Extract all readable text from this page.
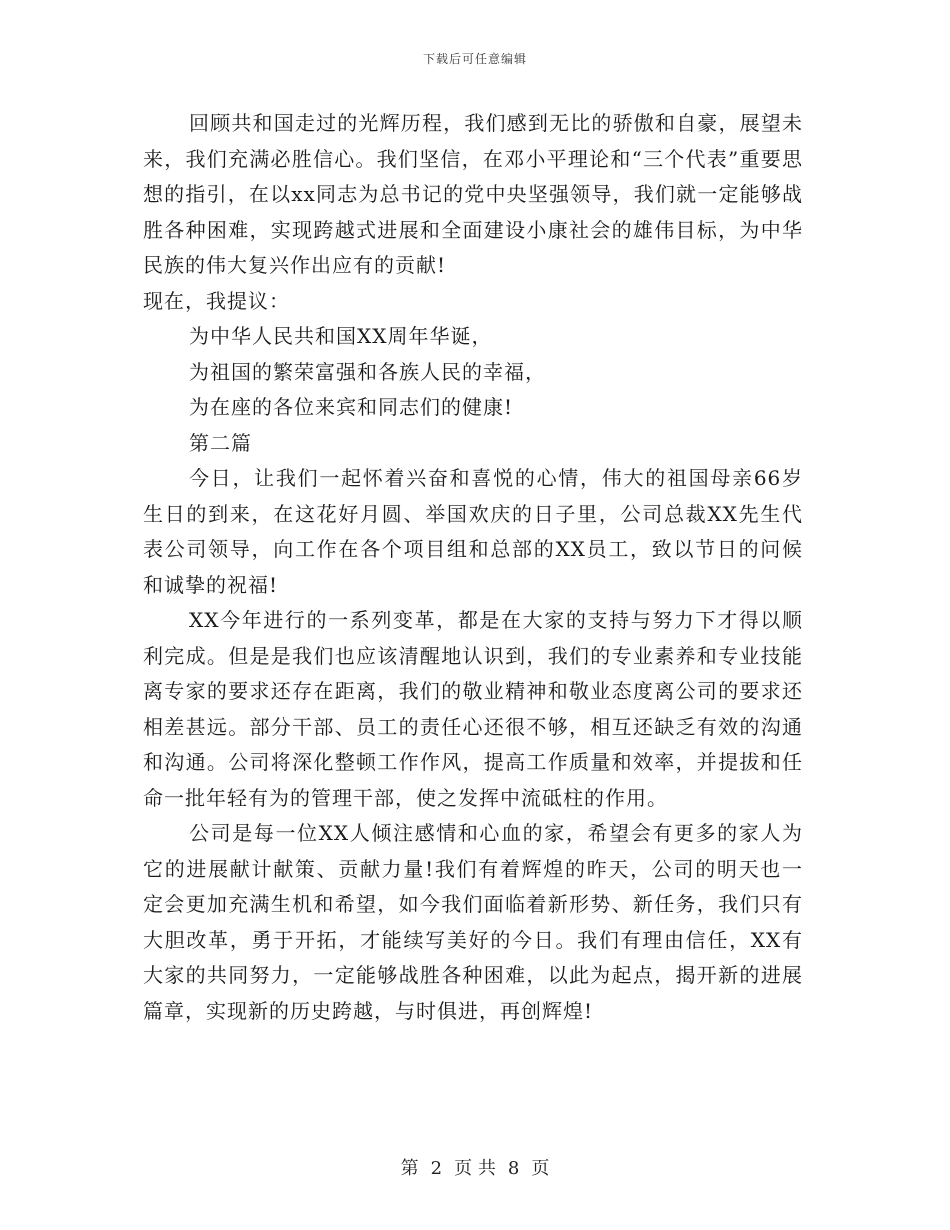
下载后可任意编辑

回顾共和国走过的光辉历程，我们感到无比的骄傲和自豪，展望未来，我们充满必胜信心。我们坚信，在邓小平理论和“三个代表”重要思想的指引，在以xx同志为总书记的党中央坚强领导，我们就一定能够战胜各种困难，实现跨越式进展和全面建设小康社会的雄伟目标，为中华民族的伟大复兴作出应有的贡献!

现在，我提议：

为中华人民共和国XX周年华诞，

为祖国的繁荣富强和各族人民的幸福，

为在座的各位来宾和同志们的健康!

第二篇

今日，让我们一起怀着兴奋和喜悦的心情，伟大的祖国母亲66岁生日的到来，在这花好月圆、举国欢庆的日子里，公司总裁XX先生代表公司领导，向工作在各个项目组和总部的XX员工，致以节日的问候和诚挚的祝福!

XX今年进行的一系列变革，都是在大家的支持与努力下才得以顺利完成。但是是我们也应该清醒地认识到，我们的专业素养和专业技能离专家的要求还存在距离，我们的敬业精神和敬业态度离公司的要求还相差甚远。部分干部、员工的责任心还很不够，相互还缺乏有效的沟通和沟通。公司将深化整顿工作作风，提高工作质量和效率，并提拔和任命一批年轻有为的管理干部，使之发挥中流砥柱的作用。

公司是每一位XX人倾注感情和心血的家，希望会有更多的家人为它的进展献计献策、贡献力量!我们有着辉煌的昨天，公司的明天也一定会更加充满生机和希望，如今我们面临着新形势、新任务，我们只有大胆改革，勇于开拓，才能续写美好的今日。我们有理由信任，XX有大家的共同努力，一定能够战胜各种困难，以此为起点，揭开新的进展篇章，实现新的历史跨越，与时俱进，再创辉煌!

第 2 页 共 8 页
